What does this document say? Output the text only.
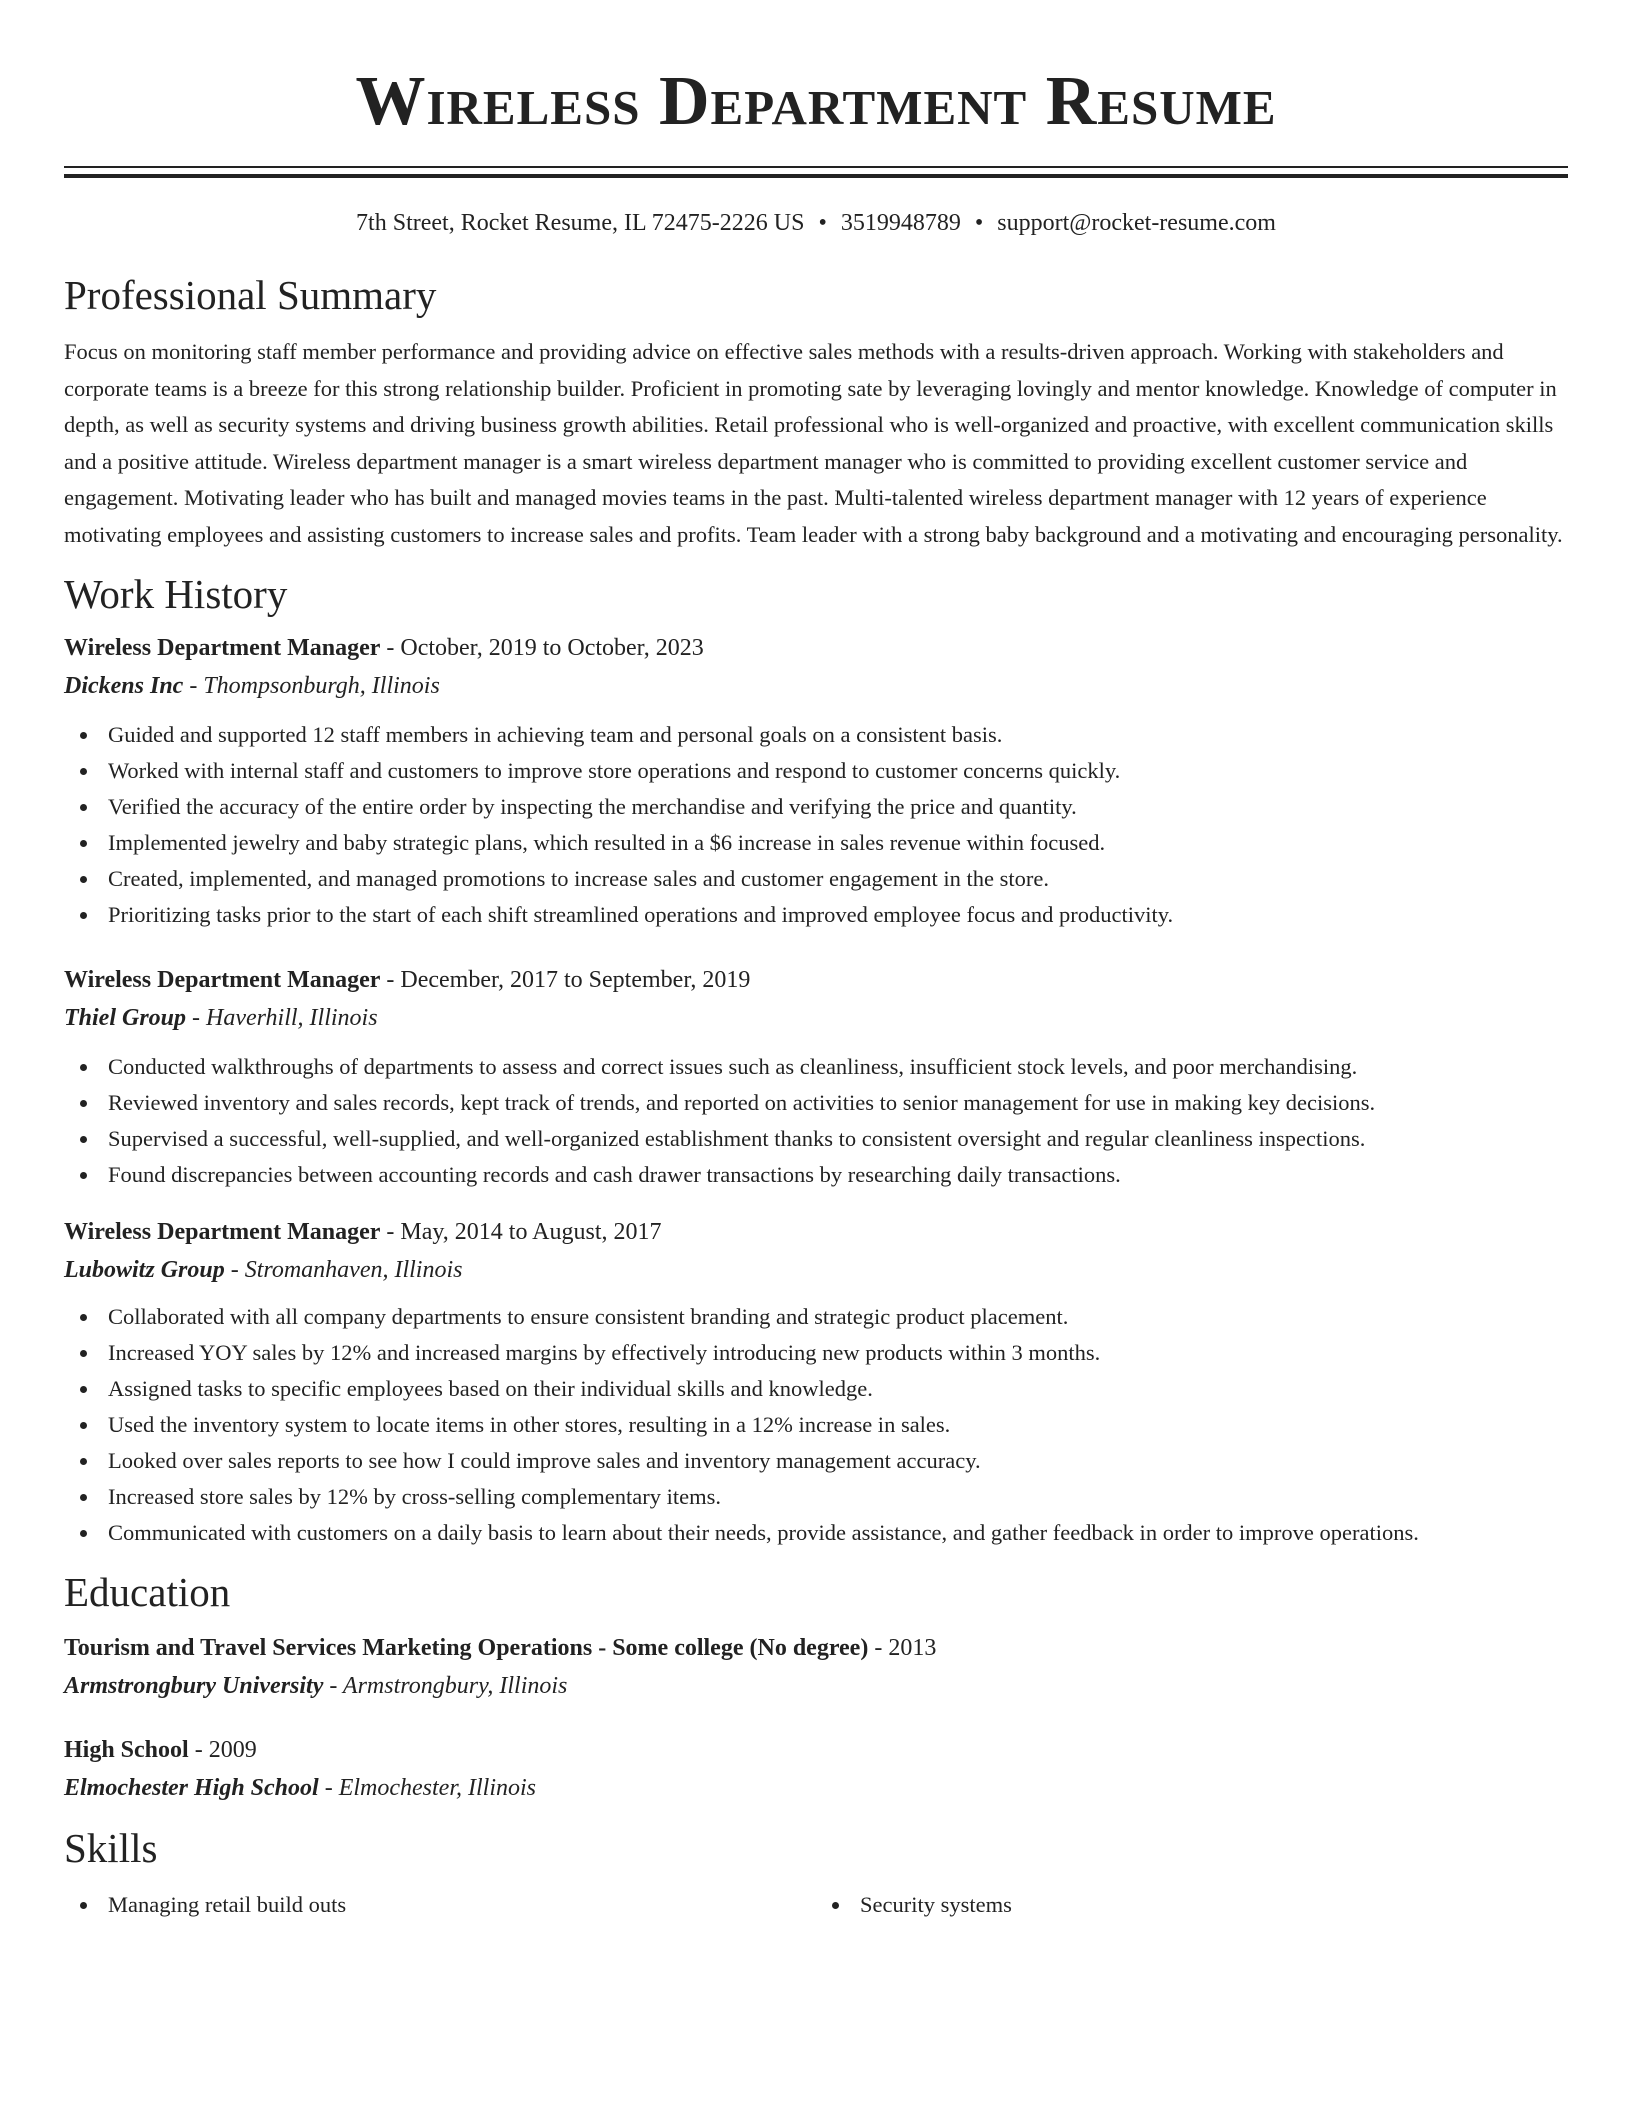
Wireless Department Resume
7th Street, Rocket Resume, IL 72475-2226 US • 3519948789 • support@rocket-resume.com
Professional Summary

Focus on monitoring staff member performance and providing advice on effective sales methods with a results-driven approach. Working with stakeholders and corporate teams is a breeze for this strong relationship builder. Proficient in promoting sate by leveraging lovingly and mentor knowledge. Knowledge of computer in depth, as well as security systems and driving business growth abilities. Retail professional who is well-organized and proactive, with excellent communication skills and a positive attitude. Wireless department manager is a smart wireless department manager who is committed to providing excellent customer service and engagement. Motivating leader who has built and managed movies teams in the past. Multi-talented wireless department manager with 12 years of experience motivating employees and assisting customers to increase sales and profits. Team leader with a strong baby background and a motivating and encouraging personality.

Work History
Wireless Department Manager - October, 2019 to October, 2023
Dickens Inc - Thompsonburgh, Illinois
Guided and supported 12 staff members in achieving team and personal goals on a consistent basis.
Worked with internal staff and customers to improve store operations and respond to customer concerns quickly.
Verified the accuracy of the entire order by inspecting the merchandise and verifying the price and quantity.
Implemented jewelry and baby strategic plans, which resulted in a $6 increase in sales revenue within focused.
Created, implemented, and managed promotions to increase sales and customer engagement in the store.
Prioritizing tasks prior to the start of each shift streamlined operations and improved employee focus and productivity.
Wireless Department Manager - December, 2017 to September, 2019
Thiel Group - Haverhill, Illinois
Conducted walkthroughs of departments to assess and correct issues such as cleanliness, insufficient stock levels, and poor merchandising.
Reviewed inventory and sales records, kept track of trends, and reported on activities to senior management for use in making key decisions.
Supervised a successful, well-supplied, and well-organized establishment thanks to consistent oversight and regular cleanliness inspections.
Found discrepancies between accounting records and cash drawer transactions by researching daily transactions.
Wireless Department Manager - May, 2014 to August, 2017
Lubowitz Group - Stromanhaven, Illinois
Collaborated with all company departments to ensure consistent branding and strategic product placement.
Increased YOY sales by 12% and increased margins by effectively introducing new products within 3 months.
Assigned tasks to specific employees based on their individual skills and knowledge.
Used the inventory system to locate items in other stores, resulting in a 12% increase in sales.
Looked over sales reports to see how I could improve sales and inventory management accuracy.
Increased store sales by 12% by cross-selling complementary items.
Communicated with customers on a daily basis to learn about their needs, provide assistance, and gather feedback in order to improve operations.
Education
Tourism and Travel Services Marketing Operations - Some college (No degree) - 2013
Armstrongbury University - Armstrongbury, Illinois
High School - 2009
Elmochester High School - Elmochester, Illinois
Skills
Managing retail build outs	Security systems
